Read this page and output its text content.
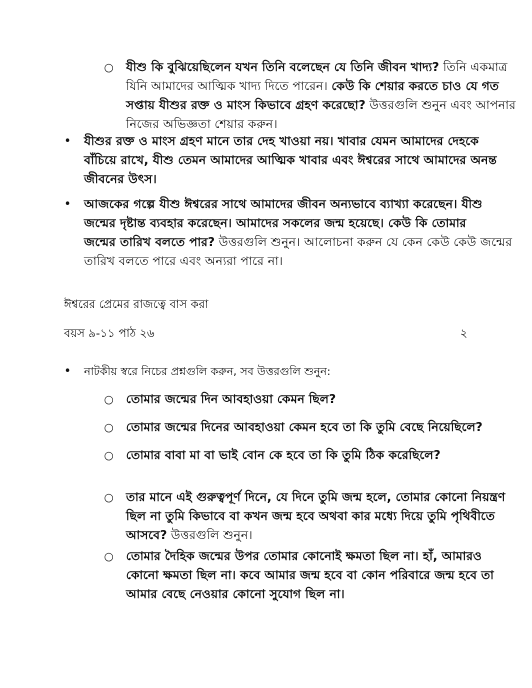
○ যীশু কি বুঝিয়েছিলেন যখন তিনি বলেছেন যে তিনি জীবন খাদ্য? তিনি একমাত্র
যিনি আমাদের আত্মিক খাদ্য দিতে পারেন। কেউ কি শেয়ার করতে চাও যে গত
সপ্তায় যীশুর রক্ত ও মাংস কিভাবে গ্রহণ করেছো? উত্তরগুলি শুনুন এবং আপনার
নিজের অভিজ্ঞতা শেয়ার করুন।
• যীশুর রক্ত ও মাংস গ্রহণ মানে তার দেহ খাওয়া নয়। খাবার যেমন আমাদের দেহকে
বাঁচিয়ে রাখে, যীশু তেমন আমাদের আত্মিক খাবার এবং ঈশ্বরের সাথে আমাদের অনন্ত
জীবনের উৎস।
• আজকের গল্পে যীশু ঈশ্বরের সাথে আমাদের জীবন অন্যভাবে ব্যাখ্যা করেছেন। যীশু
জন্মের দৃষ্টান্ত ব্যবহার করেছেন। আমাদের সকলের জন্ম হয়েছে। কেউ কি তোমার
জন্মের তারিখ বলতে পার? উত্তরগুলি শুনুন। আলোচনা করুন যে কেন কেউ কেউ জন্মের
তারিখ বলতে পারে এবং অন্যরা পারে না।
ঈশ্বরের প্রেমের রাজত্বে বাস করা
বয়স ৯-১১ পাঠ ২৬	২
• নাটকীয় স্বরে নিচের প্রশ্নগুলি করুন, সব উত্তরগুলি শুনুন:
○ তোমার জন্মের দিন আবহাওয়া কেমন ছিল?
○ তোমার জন্মের দিনের আবহাওয়া কেমন হবে তা কি তুমি বেছে নিয়েছিলে?
○ তোমার বাবা মা বা ভাই বোন কে হবে তা কি তুমি ঠিক করেছিলে?
○ তার মানে এই গুরুত্বপূর্ণ দিনে, যে দিনে তুমি জন্ম হলে, তোমার কোনো নিয়ন্ত্রণ
ছিল না তুমি কিভাবে বা কখন জন্ম হবে অথবা কার মধ্যে দিয়ে তুমি পৃথিবীতে
আসবে? উত্তরগুলি শুনুন।
○ তোমার দৈহিক জন্মের উপর তোমার কোনোই ক্ষমতা ছিল না। হাঁ, আমারও
কোনো ক্ষমতা ছিল না। কবে আমার জন্ম হবে বা কোন পরিবারে জন্ম হবে তা
আমার বেছে নেওয়ার কোনো সুযোগ ছিল না।
